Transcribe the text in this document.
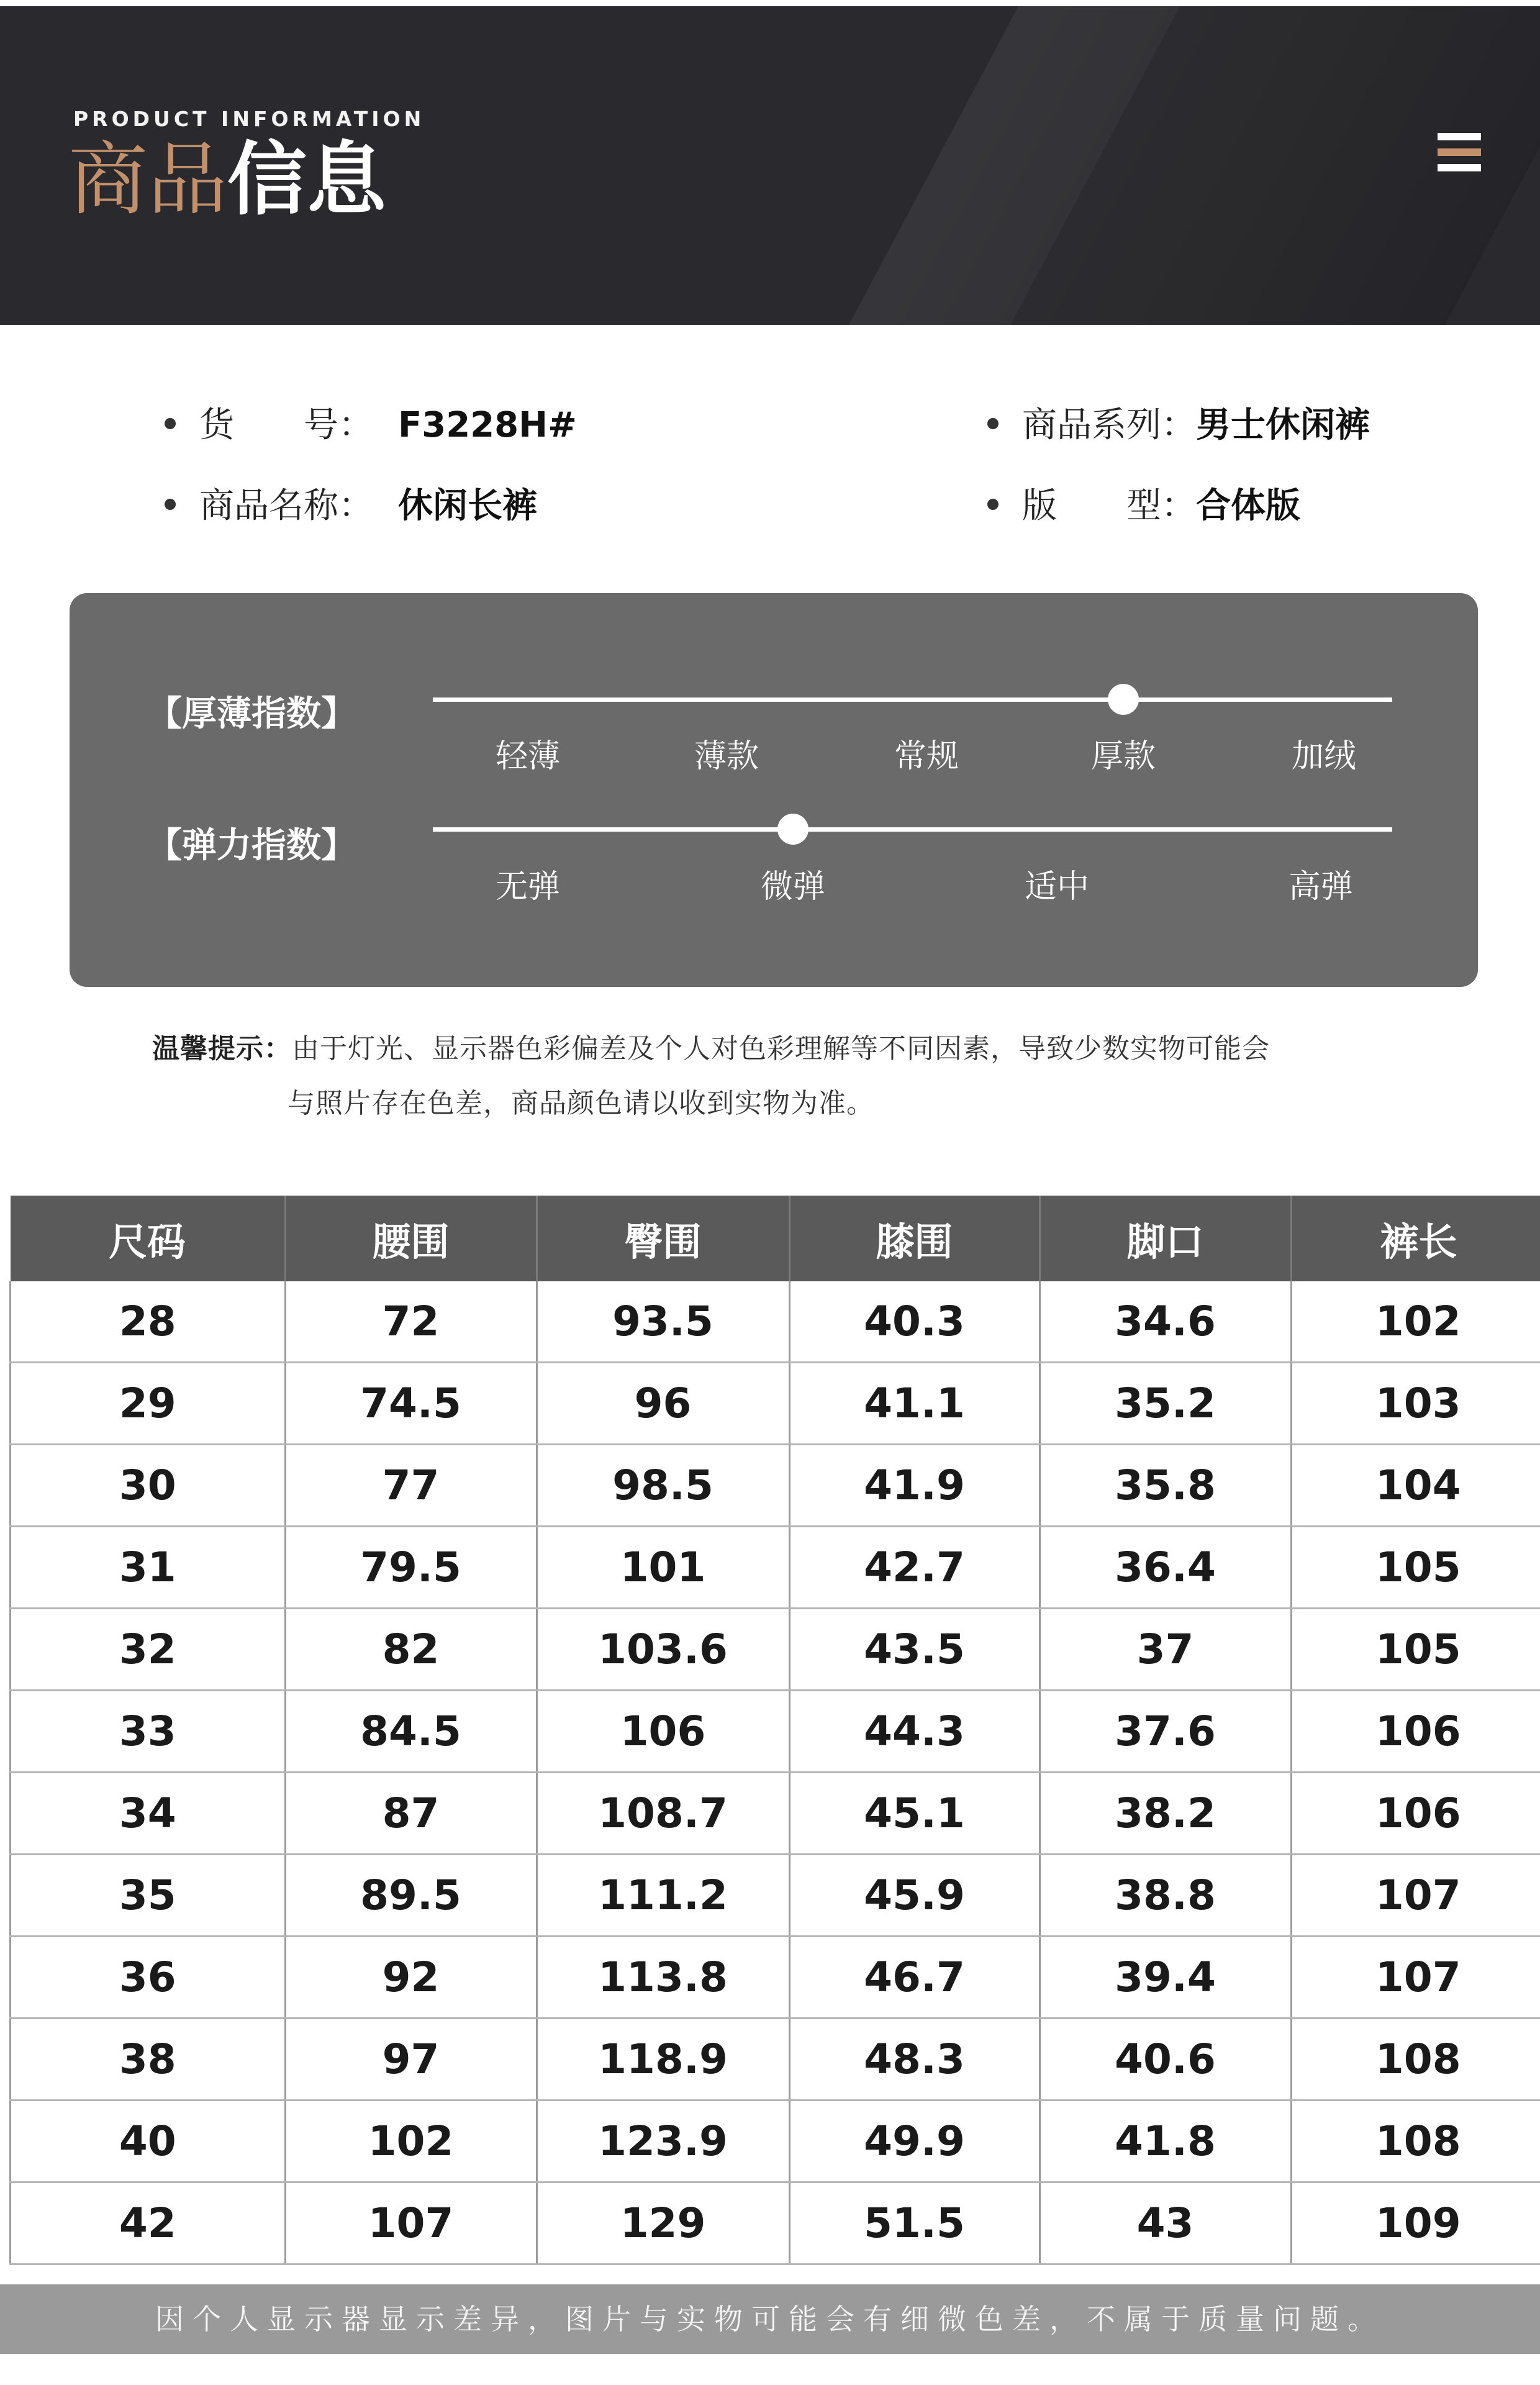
PRODUCT INFORMATION
商品信息
货　　号： F3228H#	商品系列：男士休闲裤
商品名称： 休闲长裤	版　　型：合体版
【厚薄指数】
轻薄	薄款	常规	厚款	加绒
【弹力指数】
无弹	微弹	适中	高弹
温馨提示：由于灯光、显示器色彩偏差及个人对色彩理解等不同因素，导致少数实物可能会
与照片存在色差，商品颜色请以收到实物为准。
尺码	腰围	臀围	膝围	脚口	裤长
28	72	93.5	40.3	34.6	102
29	74.5	96	41.1	35.2	103
30	77	98.5	41.9	35.8	104
31	79.5	101	42.7	36.4	105
32	82	103.6	43.5	37	105
33	84.5	106	44.3	37.6	106
34	87	108.7	45.1	38.2	106
35	89.5	111.2	45.9	38.8	107
36	92	113.8	46.7	39.4	107
38	97	118.9	48.3	40.6	108
40	102	123.9	49.9	41.8	108
42	107	129	51.5	43	109
因个人显示器显示差异，图片与实物可能会有细微色差，不属于质量问题。
